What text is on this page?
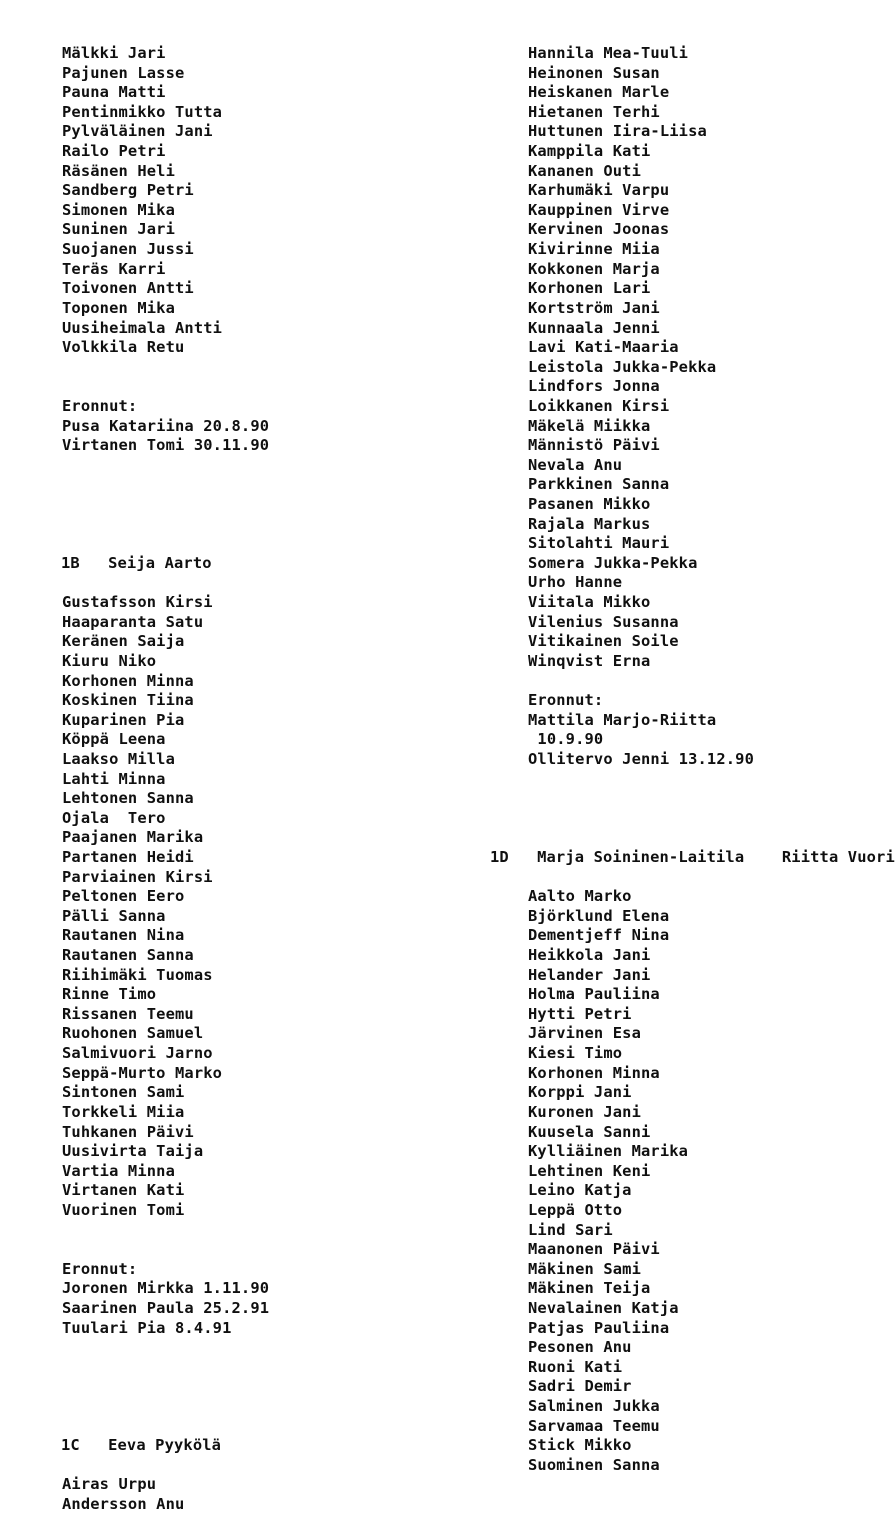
Mälkki Jari
Pajunen Lasse
Pauna Matti
Pentinmikko Tutta
Pylväläinen Jani
Railo Petri
Räsänen Heli
Sandberg Petri
Simonen Mika
Suninen Jari
Suojanen Jussi
Teräs Karri
Toivonen Antti
Toponen Mika
Uusiheimala Antti
Volkkila Retu

Eronnut:
Pusa Katariina 20.8.90
Virtanen Tomi 30.11.90

1B   Seija Aarto

Gustafsson Kirsi
Haaparanta Satu
Keränen Saija
Kiuru Niko
Korhonen Minna
Koskinen Tiina
Kuparinen Pia
Köppä Leena
Laakso Milla
Lahti Minna
Lehtonen Sanna
Ojala  Tero
Paajanen Marika
Partanen Heidi
Parviainen Kirsi
Peltonen Eero
Pälli Sanna
Rautanen Nina
Rautanen Sanna
Riihimäki Tuomas
Rinne Timo
Rissanen Teemu
Ruohonen Samuel
Salmivuori Jarno
Seppä-Murto Marko
Sintonen Sami
Torkkeli Miia
Tuhkanen Päivi
Uusivirta Taija
Vartia Minna
Virtanen Kati
Vuorinen Tomi

Eronnut:
Joronen Mirkka 1.11.90
Saarinen Paula 25.2.91
Tuulari Pia 8.4.91

1C   Eeva Pyykölä

Airas Urpu
Andersson Anu
Hannila Mea-Tuuli
Heinonen Susan
Heiskanen Marle
Hietanen Terhi
Huttunen Iira-Liisa
Kamppila Kati
Kananen Outi
Karhumäki Varpu
Kauppinen Virve
Kervinen Joonas
Kivirinne Miia
Kokkonen Marja
Korhonen Lari
Kortström Jani
Kunnaala Jenni
Lavi Kati-Maaria
Leistola Jukka-Pekka
Lindfors Jonna
Loikkanen Kirsi
Mäkelä Miikka
Männistö Päivi
Nevala Anu
Parkkinen Sanna
Pasanen Mikko
Rajala Markus
Sitolahti Mauri
Somera Jukka-Pekka
Urho Hanne
Viitala Mikko
Vilenius Susanna
Vitikainen Soile
Winqvist Erna

Eronnut:
Mattila Marjo-Riitta
10.9.90
Ollitervo Jenni 13.12.90

1D   Marja Soininen-Laitila    Riitta Vuori

Aalto Marko
Björklund Elena
Dementjeff Nina
Heikkola Jani
Helander Jani
Holma Pauliina
Hytti Petri
Järvinen Esa
Kiesi Timo
Korhonen Minna
Korppi Jani
Kuronen Jani
Kuusela Sanni
Kylliäinen Marika
Lehtinen Keni
Leino Katja
Leppä Otto
Lind Sari
Maanonen Päivi
Mäkinen Sami
Mäkinen Teija
Nevalainen Katja
Patjas Pauliina
Pesonen Anu
Ruoni Kati
Sadri Demir
Salminen Jukka
Sarvamaa Teemu
Stick Mikko
Suominen Sanna
